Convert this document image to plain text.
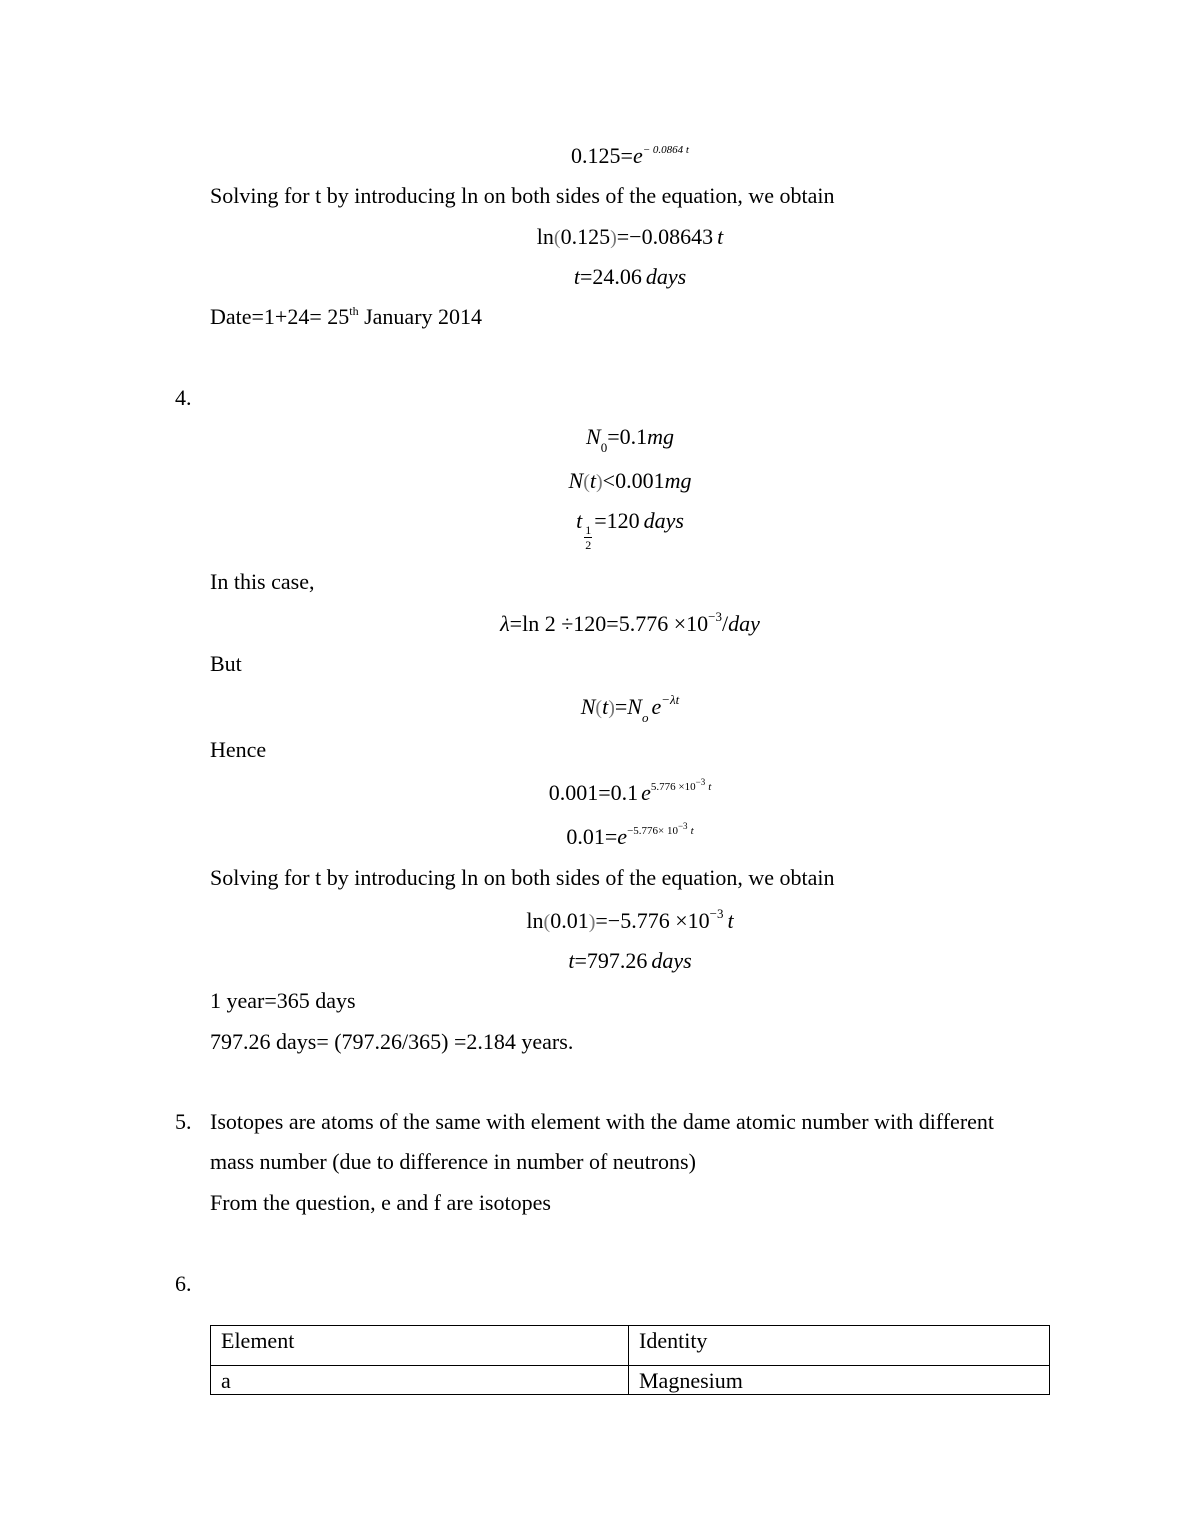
$0.125=e^{- 0.0864 t}$
Solving for t by introducing ln on both sides of the equation, we obtain
ln(0.125)=−0.08643 t
t=24.06 days
Date=1+24= 25th January 2014
4.
$N_0=0.1mg$
N(t)<0.001mg
t
$\frac{1}{2}$
=120 days
In this case,
λ=ln $2 \div 120=5.776 \times 10^{-3}$/day
But
$N(t)=N_o$ $e^{-\lambda t}$
Hence
0.001=0.1 $e^{5.776 \times 10^{-3} t}$
$0.01=e^{-5.776\times 10^{-3} t}$
Solving for t by introducing ln on both sides of the equation, we obtain
$\ln(0.01)=-5.776 \times 10^{-3}$ t
t=797.26 days
1 year=365 days
797.26 days= (797.26/365) =2.184 years.
5. Isotopes are atoms of the same with element with the dame atomic number with different
mass number (due to difference in number of neutrons)
From the question, e and f are isotopes
6.
Element	Identity
a	Magnesium
